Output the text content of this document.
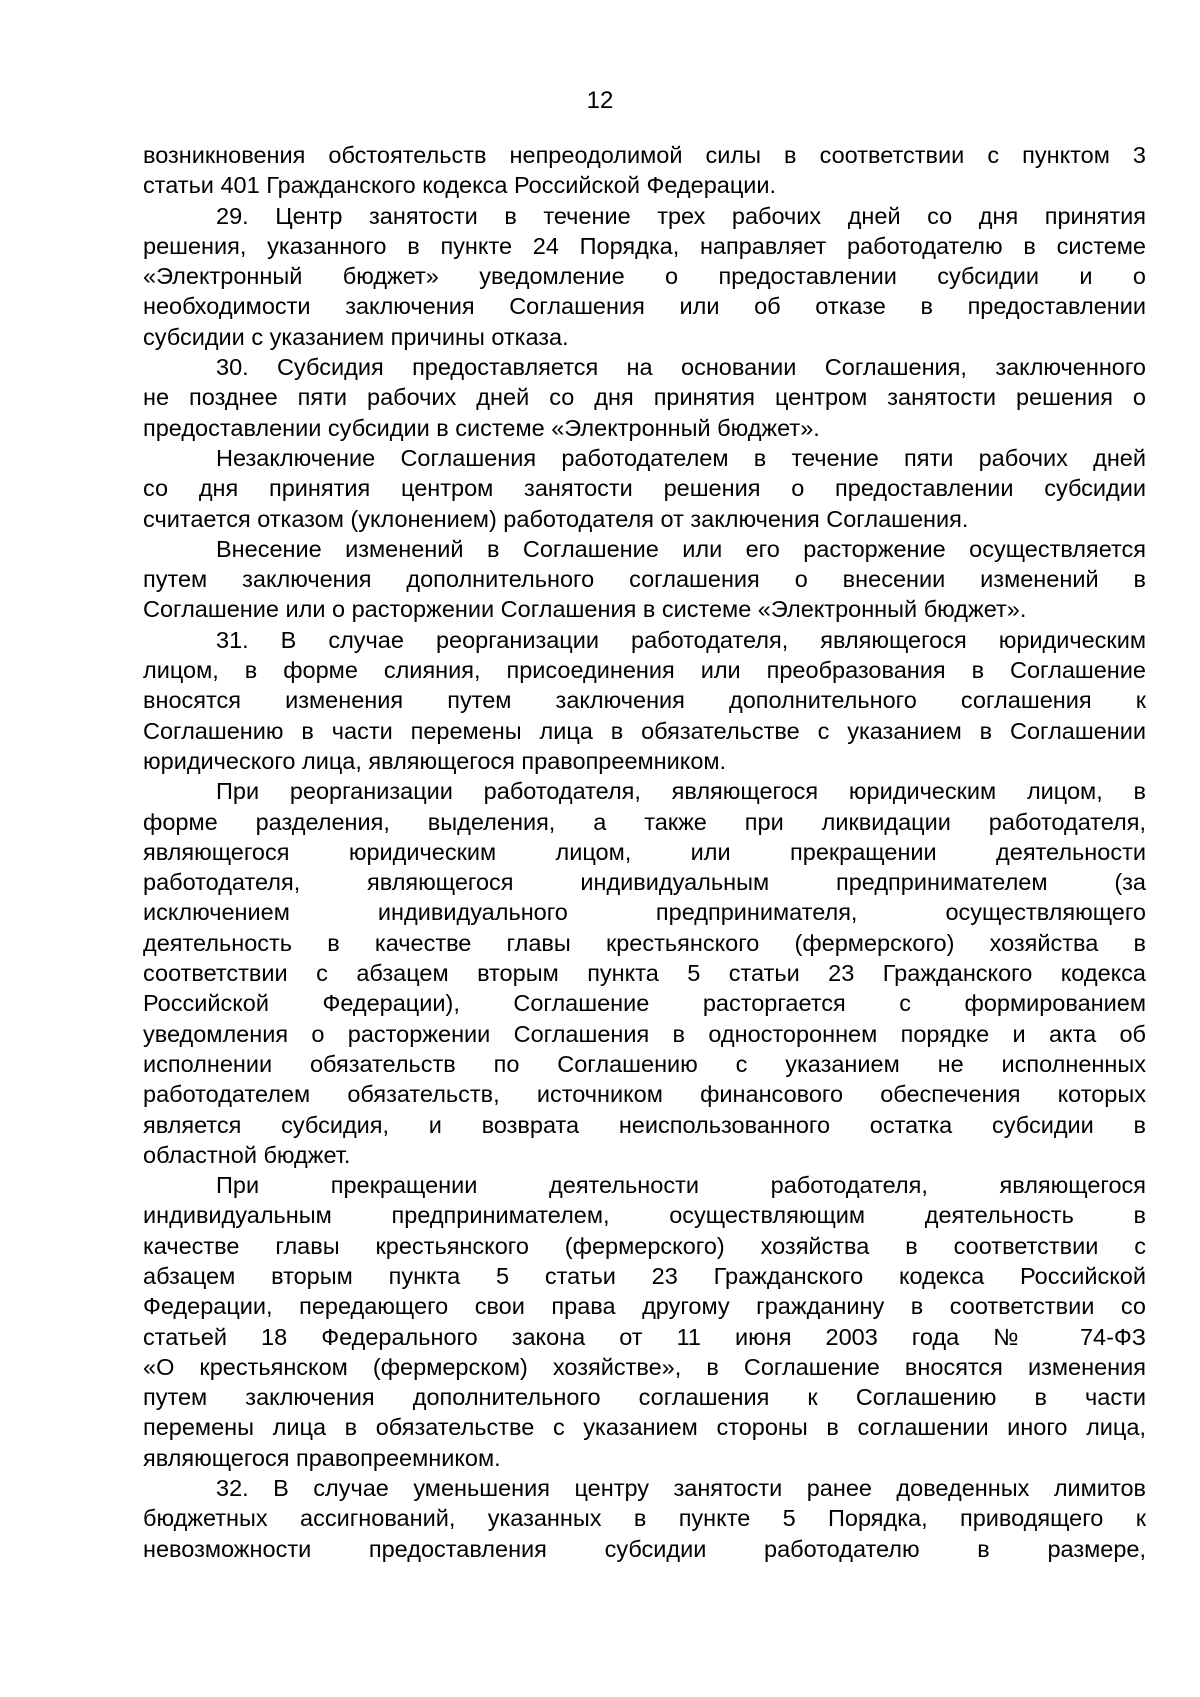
12
возникновения обстоятельств непреодолимой силы в соответствии с пунктом 3
статьи 401 Гражданского кодекса Российской Федерации.
29. Центр занятости в течение трех рабочих дней со дня принятия
решения, указанного в пункте 24 Порядка, направляет работодателю в системе
«Электронный бюджет» уведомление о предоставлении субсидии и о
необходимости заключения Соглашения или об отказе в предоставлении
субсидии с указанием причины отказа.
30. Субсидия предоставляется на основании Соглашения, заключенного
не позднее пяти рабочих дней со дня принятия центром занятости решения о
предоставлении субсидии в системе «Электронный бюджет».
Незаключение Соглашения работодателем в течение пяти рабочих дней
со дня принятия центром занятости решения о предоставлении субсидии
считается отказом (уклонением) работодателя от заключения Соглашения.
Внесение изменений в Соглашение или его расторжение осуществляется
путем заключения дополнительного соглашения о внесении изменений в
Соглашение или о расторжении Соглашения в системе «Электронный бюджет».
31. В случае реорганизации работодателя, являющегося юридическим
лицом, в форме слияния, присоединения или преобразования в Соглашение
вносятся изменения путем заключения дополнительного соглашения к
Соглашению в части перемены лица в обязательстве с указанием в Соглашении
юридического лица, являющегося правопреемником.
При реорганизации работодателя, являющегося юридическим лицом, в
форме разделения, выделения, а также при ликвидации работодателя,
являющегося юридическим лицом, или прекращении деятельности
работодателя, являющегося индивидуальным предпринимателем (за
исключением индивидуального предпринимателя, осуществляющего
деятельность в качестве главы крестьянского (фермерского) хозяйства в
соответствии с абзацем вторым пункта 5 статьи 23 Гражданского кодекса
Российской Федерации), Соглашение расторгается с формированием
уведомления о расторжении Соглашения в одностороннем порядке и акта об
исполнении обязательств по Соглашению с указанием не исполненных
работодателем обязательств, источником финансового обеспечения которых
является субсидия, и возврата неиспользованного остатка субсидии в
областной бюджет.
При прекращении деятельности работодателя, являющегося
индивидуальным предпринимателем, осуществляющим деятельность в
качестве главы крестьянского (фермерского) хозяйства в соответствии с
абзацем вторым пункта 5 статьи 23 Гражданского кодекса Российской
Федерации, передающего свои права другому гражданину в соответствии со
статьей 18 Федерального закона от 11 июня 2003 года № 74-ФЗ
«О крестьянском (фермерском) хозяйстве», в Соглашение вносятся изменения
путем заключения дополнительного соглашения к Соглашению в части
перемены лица в обязательстве с указанием стороны в соглашении иного лица,
являющегося правопреемником.
32. В случае уменьшения центру занятости ранее доведенных лимитов
бюджетных ассигнований, указанных в пункте 5 Порядка, приводящего к
невозможности предоставления субсидии работодателю в размере,
